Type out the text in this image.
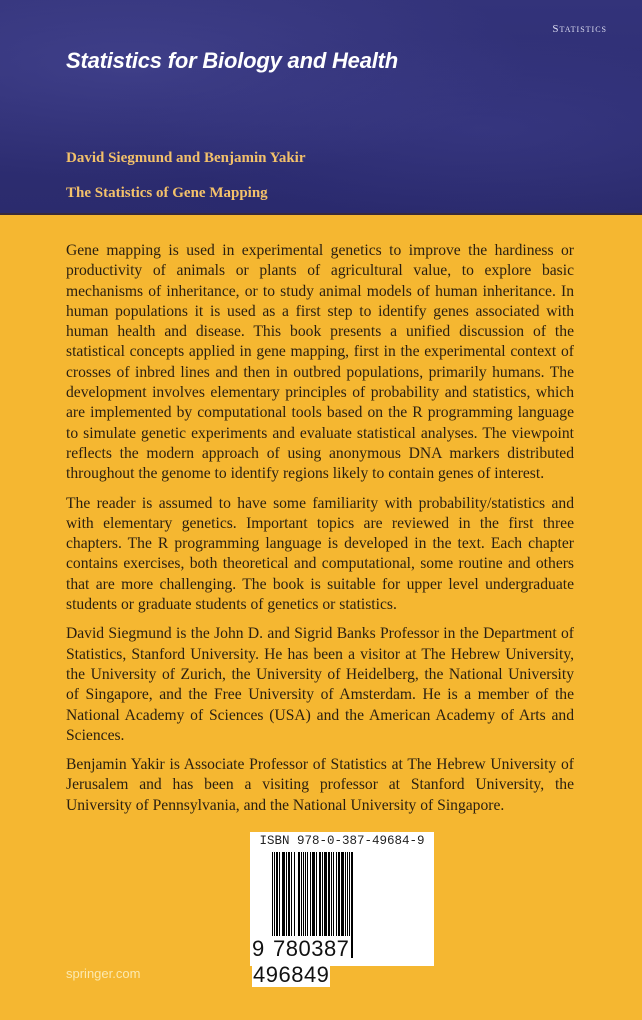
Statistics
Statistics for Biology and Health
David Siegmund and Benjamin Yakir
The Statistics of Gene Mapping

Gene mapping is used in experimental genetics to improve the hardiness or productivity of animals or plants of agricultural value, to explore basic mechanisms of inheritance, or to study animal models of human inheritance. In human populations it is used as a first step to identify genes associated with human health and disease. This book presents a unified discussion of the statistical concepts applied in gene mapping, first in the experimental context of crosses of inbred lines and then in outbred populations, primarily humans. The development involves elementary principles of probability and statistics, which are implemented by computational tools based on the R programming language to simulate genetic experiments and evaluate statistical analyses. The viewpoint reflects the modern approach of using anonymous DNA markers distributed throughout the genome to identify regions likely to contain genes of interest.

The reader is assumed to have some familiarity with probability/statistics and with elementary genetics. Important topics are reviewed in the first three chapters. The R programming language is developed in the text. Each chapter contains exercises, both theoretical and computational, some routine and others that are more challenging. The book is suitable for upper level undergraduate students or graduate students of genetics or statistics.

David Siegmund is the John D. and Sigrid Banks Professor in the Department of Statistics, Stanford University. He has been a visitor at The Hebrew University, the University of Zurich, the University of Heidelberg, the National University of Singapore, and the Free University of Amsterdam. He is a member of the National Academy of Sciences (USA) and the American Academy of Arts and Sciences.

Benjamin Yakir is Associate Professor of Statistics at The Hebrew University of Jerusalem and has been a visiting professor at Stanford University, the University of Pennsylvania, and the National University of Singapore.

ISBN 978-0-387-49684-9
9 780387 496849
springer.com
